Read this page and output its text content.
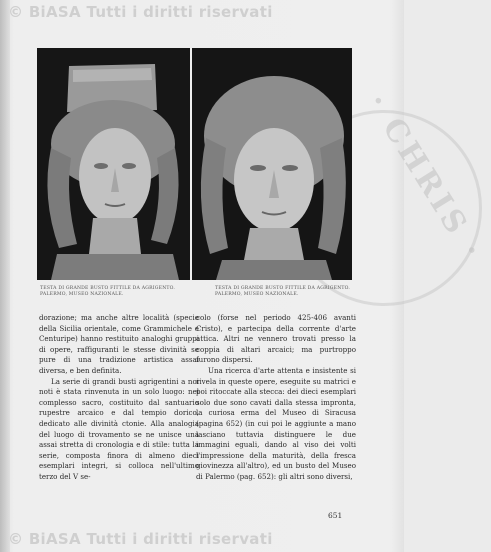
· CHRIS ·
© BiASA Tutti i diritti riservati
TESTA DI GRANDE BUSTO FITTILE DA AGRIGENTO. PALERMO, MUSEO NAZIONALE.
TESTA DI GRANDE BUSTO FITTILE DA AGRIGENTO. PALERMO, MUSEO NAZIONALE.

dorazione; ma anche altre località (specie della Sicilia orientale, come Grammichele e Centuripe) hanno restituito analoghi gruppi di opere, raffiguranti le stesse divinità se pure di una tradizione artistica assai diversa, e ben definita.

La serie di grandi busti agrigentini a noi noti è stata rinvenuta in un solo luogo: nel complesso sacro, costituito dal santuario rupestre arcaico e dal tempio dorico, dedicato alle divinità ctonie. Alla analogia del luogo di trovamento se ne unisce una assai stretta di cronologia e di stile: tutta la serie, composta finora di almeno dieci esemplari integri, si colloca nell'ultimo terzo del V se-

colo (forse nel periodo 425-406 avanti Cristo), e partecipa della corrente d'arte attica. Altri ne vennero trovati presso la coppia di altari arcaici; ma purtroppo furono dispersi.

Una ricerca d'arte attenta e insistente si rivela in queste opere, eseguite su matrici e poi ritoccate alla stecca: dei dieci esemplari solo due sono cavati dalla stessa impronta, la curiosa erma del Museo di Siracusa (pagina 652) (in cui poi le aggiunte a mano lasciano tuttavia distinguere le due immagini eguali, dando al viso dei volti l'impressione della maturità, della fresca giovinezza all'altro), ed un busto del Museo di Palermo (pag. 652): gli altri sono diversi,

651
© BiASA Tutti i diritti riservati
